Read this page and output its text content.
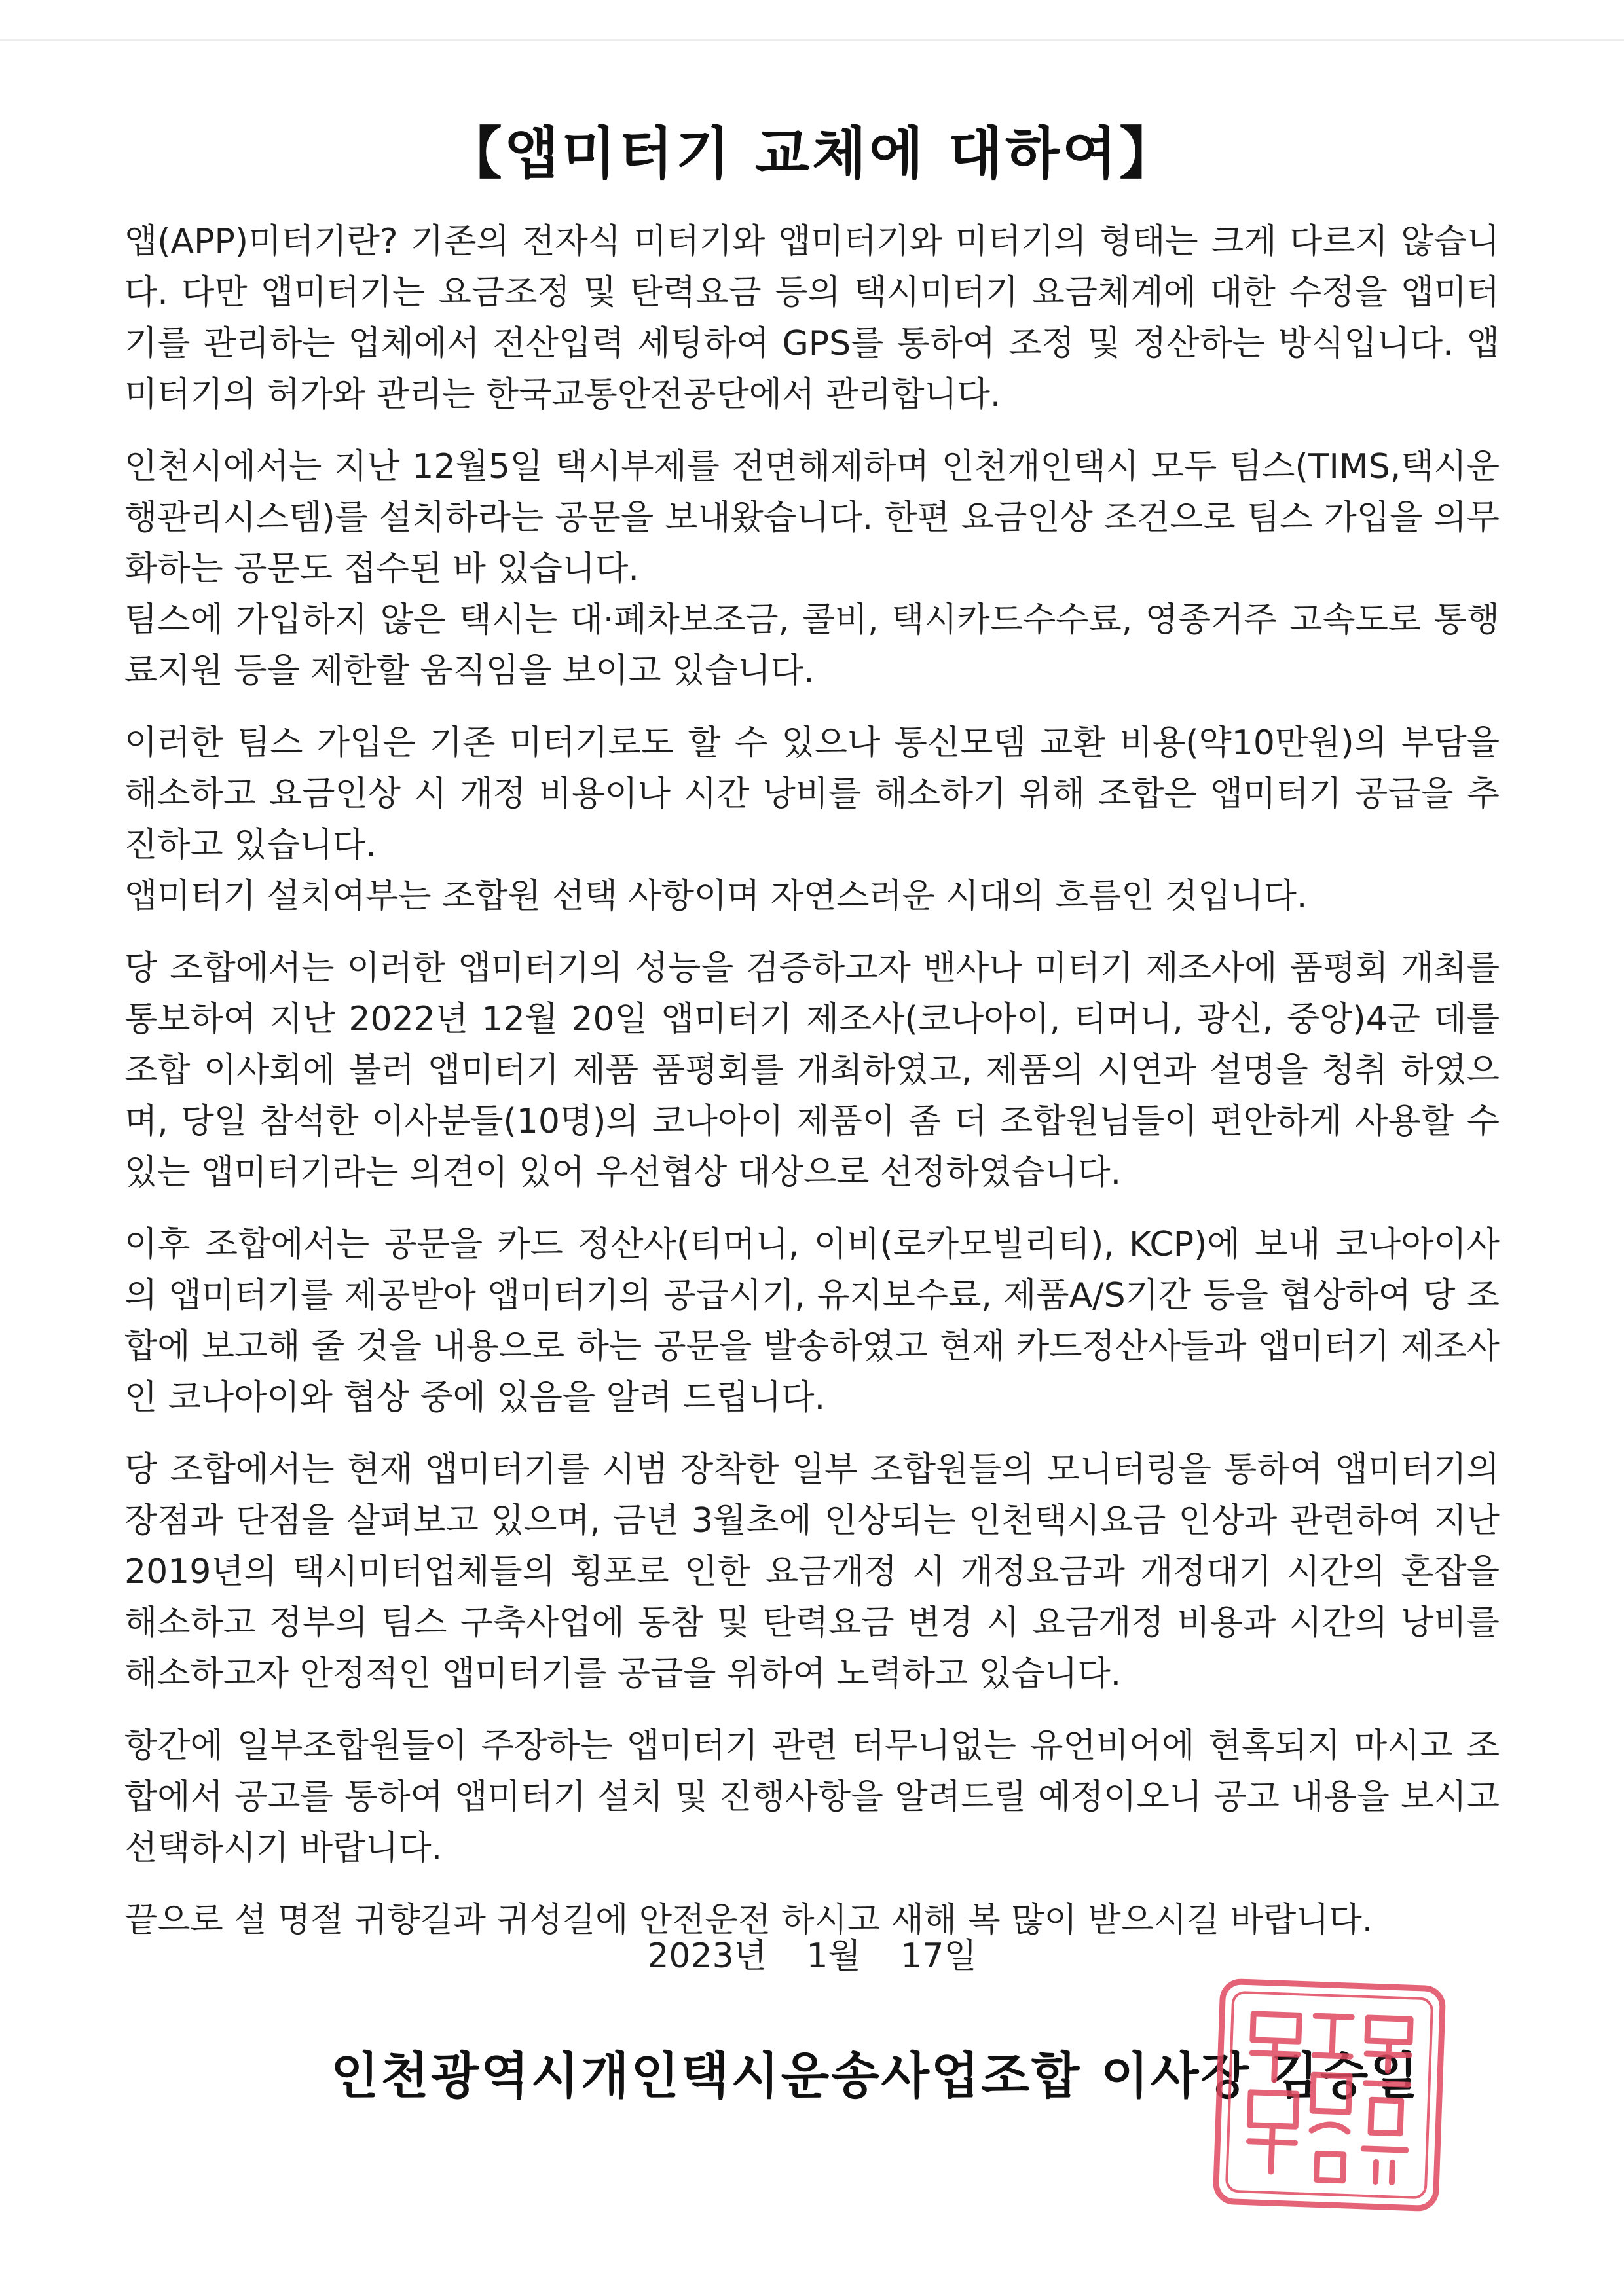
【앱미터기 교체에 대하여】

앱(APP)미터기란? 기존의 전자식 미터기와 앱미터기와 미터기의 형태는 크게 다르지 않습니다. 다만 앱미터기는 요금조정 및 탄력요금 등의 택시미터기 요금체계에 대한 수정을 앱미터기를 관리하는 업체에서 전산입력 세팅하여 GPS를 통하여 조정 및 정산하는 방식입니다. 앱미터기의 허가와 관리는 한국교통안전공단에서 관리합니다.

인천시에서는 지난 12월5일 택시부제를 전면해제하며 인천개인택시 모두 팀스(TIMS,택시운행관리시스템)를 설치하라는 공문을 보내왔습니다. 한편 요금인상 조건으로 팀스 가입을 의무화하는 공문도 접수된 바 있습니다.

팀스에 가입하지 않은 택시는 대·폐차보조금, 콜비, 택시카드수수료, 영종거주 고속도로 통행료지원 등을 제한할 움직임을 보이고 있습니다.

이러한 팀스 가입은 기존 미터기로도 할 수 있으나 통신모뎀 교환 비용(약10만원)의 부담을 해소하고 요금인상 시 개정 비용이나 시간 낭비를 해소하기 위해 조합은 앱미터기 공급을 추진하고 있습니다.

앱미터기 설치여부는 조합원 선택 사항이며 자연스러운 시대의 흐름인 것입니다.

당 조합에서는 이러한 앱미터기의 성능을 검증하고자 밴사나 미터기 제조사에 품평회 개최를 통보하여 지난 2022년 12월 20일 앱미터기 제조사(코나아이, 티머니, 광신, 중앙)4군 데를 조합 이사회에 불러 앱미터기 제품 품평회를 개최하였고, 제품의 시연과 설명을 청취 하였으며, 당일 참석한 이사분들(10명)의 코나아이 제품이 좀 더 조합원님들이 편안하게 사용할 수 있는 앱미터기라는 의견이 있어 우선협상 대상으로 선정하였습니다.

이후 조합에서는 공문을 카드 정산사(티머니, 이비(로카모빌리티), KCP)에 보내 코나아이사의 앱미터기를 제공받아 앱미터기의 공급시기, 유지보수료, 제품A/S기간 등을 협상하여 당 조합에 보고해 줄 것을 내용으로 하는 공문을 발송하였고 현재 카드정산사들과 앱미터기 제조사인 코나아이와 협상 중에 있음을 알려 드립니다.

당 조합에서는 현재 앱미터기를 시범 장착한 일부 조합원들의 모니터링을 통하여 앱미터기의 장점과 단점을 살펴보고 있으며, 금년 3월초에 인상되는 인천택시요금 인상과 관련하여 지난 2019년의 택시미터업체들의 횡포로 인한 요금개정 시 개정요금과 개정대기 시간의 혼잡을 해소하고 정부의 팀스 구축사업에 동참 및 탄력요금 변경 시 요금개정 비용과 시간의 낭비를 해소하고자 안정적인 앱미터기를 공급을 위하여 노력하고 있습니다.

항간에 일부조합원들이 주장하는 앱미터기 관련 터무니없는 유언비어에 현혹되지 마시고 조합에서 공고를 통하여 앱미터기 설치 및 진행사항을 알려드릴 예정이오니 공고 내용을 보시고 선택하시기 바랍니다.

끝으로 설 명절 귀향길과 귀성길에 안전운전 하시고 새해 복 많이 받으시길 바랍니다.

2023년 1월 17일
인천광역시개인택시운송사업조합 이사장 김승일
